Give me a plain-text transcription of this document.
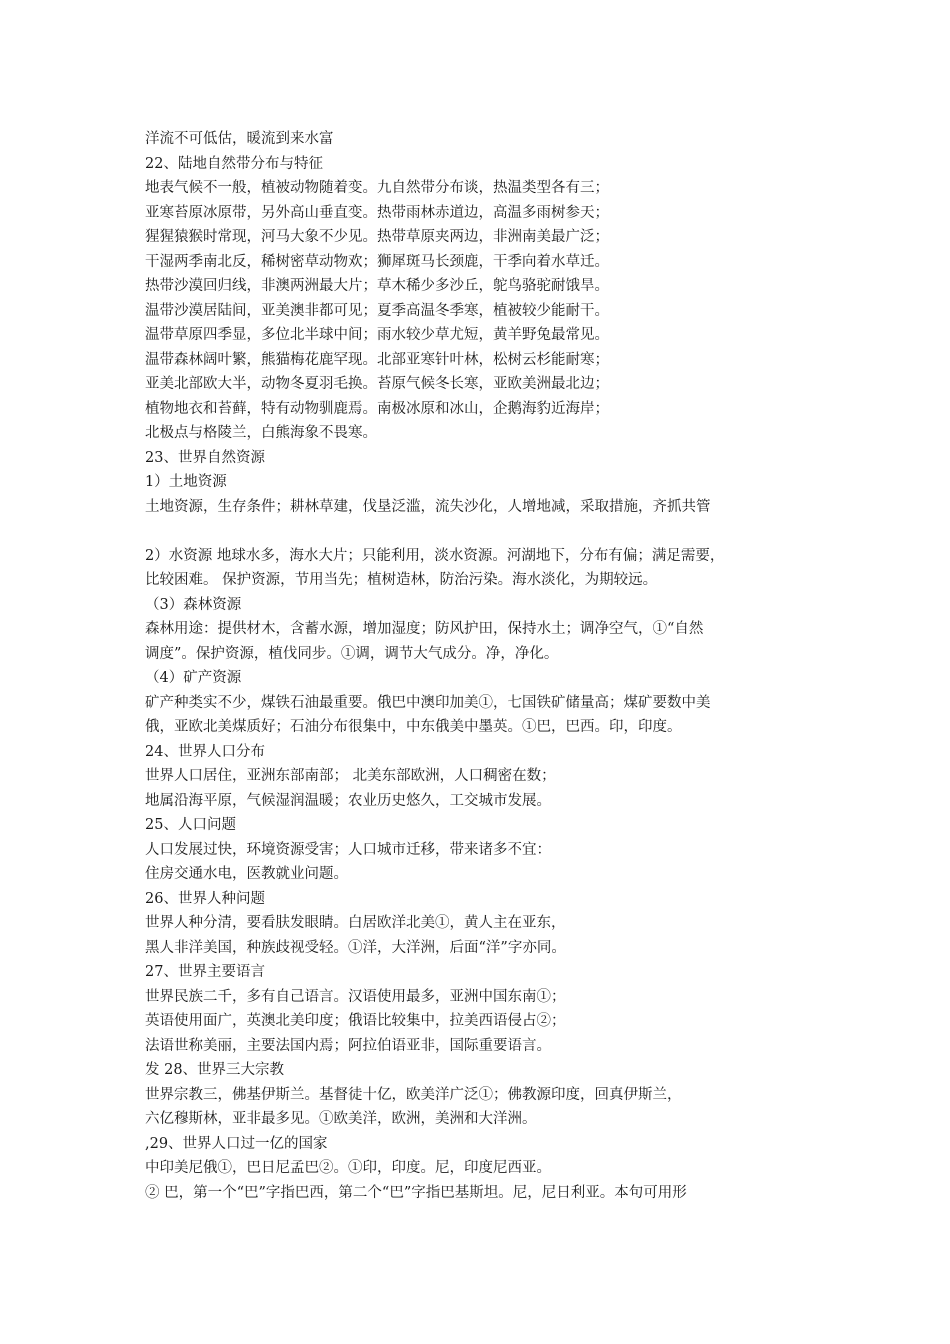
洋流不可低估，暖流到来水富
22、陆地自然带分布与特征
地表气候不一般，植被动物随着变。九自然带分布谈，热温类型各有三；
亚寒苔原冰原带，另外高山垂直变。热带雨林赤道边，高温多雨树参天；
猩猩猿猴时常现，河马大象不少见。热带草原夹两边，非洲南美最广泛；
干湿两季南北反，稀树密草动物欢；狮犀斑马长颈鹿，干季向着水草迁。
热带沙漠回归线，非澳两洲最大片；草木稀少多沙丘，鸵鸟骆驼耐饿旱。
温带沙漠居陆间，亚美澳非都可见；夏季高温冬季寒，植被较少能耐干。
温带草原四季显，多位北半球中间；雨水较少草尤短，黄羊野兔最常见。
温带森林阔叶繁，熊猫梅花鹿罕现。北部亚寒针叶林，松树云杉能耐寒；
亚美北部欧大半，动物冬夏羽毛换。苔原气候冬长寒，亚欧美洲最北边；
植物地衣和苔藓，特有动物驯鹿焉。南极冰原和冰山，企鹅海豹近海岸；
北极点与格陵兰，白熊海象不畏寒。
23、世界自然资源
1）土地资源
土地资源，生存条件；耕林草建，伐垦泛滥，流失沙化，人增地减，采取措施，齐抓共管
2）水资源 地球水多，海水大片；只能利用，淡水资源。河湖地下，分布有偏；满足需要，
比较困难。 保护资源，节用当先；植树造林，防治污染。海水淡化，为期较远。
（3）森林资源
森林用途：提供材木，含蓄水源，增加湿度；防风护田，保持水土；调净空气，①“自然
调度”。保护资源，植伐同步。①调，调节大气成分。净，净化。
（4）矿产资源
矿产种类实不少，煤铁石油最重要。俄巴中澳印加美①，七国铁矿储量高；煤矿要数中美
俄，亚欧北美煤质好；石油分布很集中，中东俄美中墨英。①巴，巴西。印，印度。
24、世界人口分布
世界人口居住，亚洲东部南部； 北美东部欧洲，人口稠密在数；
地属沿海平原，气候湿润温暖；农业历史悠久，工交城市发展。
25、人口问题
人口发展过快，环境资源受害；人口城市迁移，带来诸多不宜：
住房交通水电，医教就业问题。
26、世界人种问题
世界人种分清，要看肤发眼睛。白居欧洋北美①，黄人主在亚东，
黑人非洋美国，种族歧视受轻。①洋，大洋洲，后面“洋”字亦同。
27、世界主要语言
世界民族二千，多有自己语言。汉语使用最多，亚洲中国东南①；
英语使用面广，英澳北美印度；俄语比较集中，拉美西语侵占②；
法语世称美丽，主要法国内焉；阿拉伯语亚非，国际重要语言。
发 28、世界三大宗教
世界宗教三，佛基伊斯兰。基督徒十亿，欧美洋广泛①；佛教源印度，回真伊斯兰，
六亿穆斯林，亚非最多见。①欧美洋，欧洲，美洲和大洋洲。
,29、世界人口过一亿的国家
中印美尼俄①，巴日尼孟巴②。①印，印度。尼，印度尼西亚。
② 巴，第一个“巴”字指巴西，第二个“巴”字指巴基斯坦。尼，尼日利亚。本句可用形
